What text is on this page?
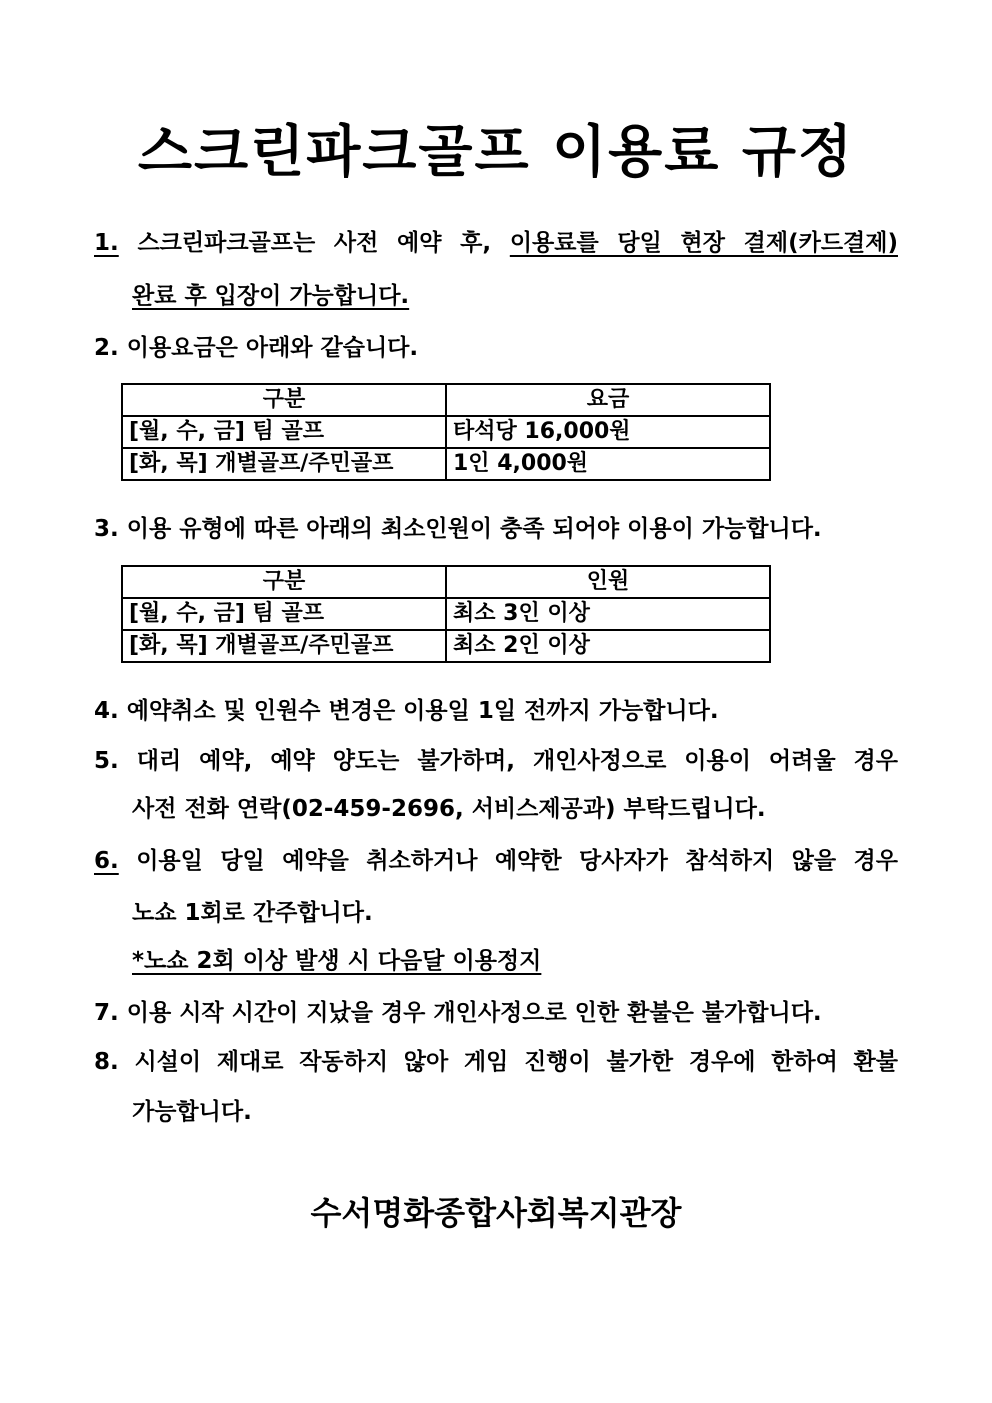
스크린파크골프 이용료 규정
1. 스크린파크골프는 사전 예약 후, 이용료를 당일 현장 결제(카드결제)
완료 후 입장이 가능합니다.
2. 이용요금은 아래와 같습니다.
구분	요금
[월, 수, 금] 팀 골프	타석당 16,000원
[화, 목] 개별골프/주민골프	1인 4,000원
3. 이용 유형에 따른 아래의 최소인원이 충족 되어야 이용이 가능합니다.
구분	인원
[월, 수, 금] 팀 골프	최소 3인 이상
[화, 목] 개별골프/주민골프	최소 2인 이상
4. 예약취소 및 인원수 변경은 이용일 1일 전까지 가능합니다.
5. 대리 예약, 예약 양도는 불가하며, 개인사정으로 이용이 어려울 경우
사전 전화 연락(02-459-2696, 서비스제공과) 부탁드립니다.
6. 이용일 당일 예약을 취소하거나 예약한 당사자가 참석하지 않을 경우
노쇼 1회로 간주합니다.
*노쇼 2회 이상 발생 시 다음달 이용정지
7. 이용 시작 시간이 지났을 경우 개인사정으로 인한 환불은 불가합니다.
8. 시설이 제대로 작동하지 않아 게임 진행이 불가한 경우에 한하여 환불
가능합니다.
수서명화종합사회복지관장
